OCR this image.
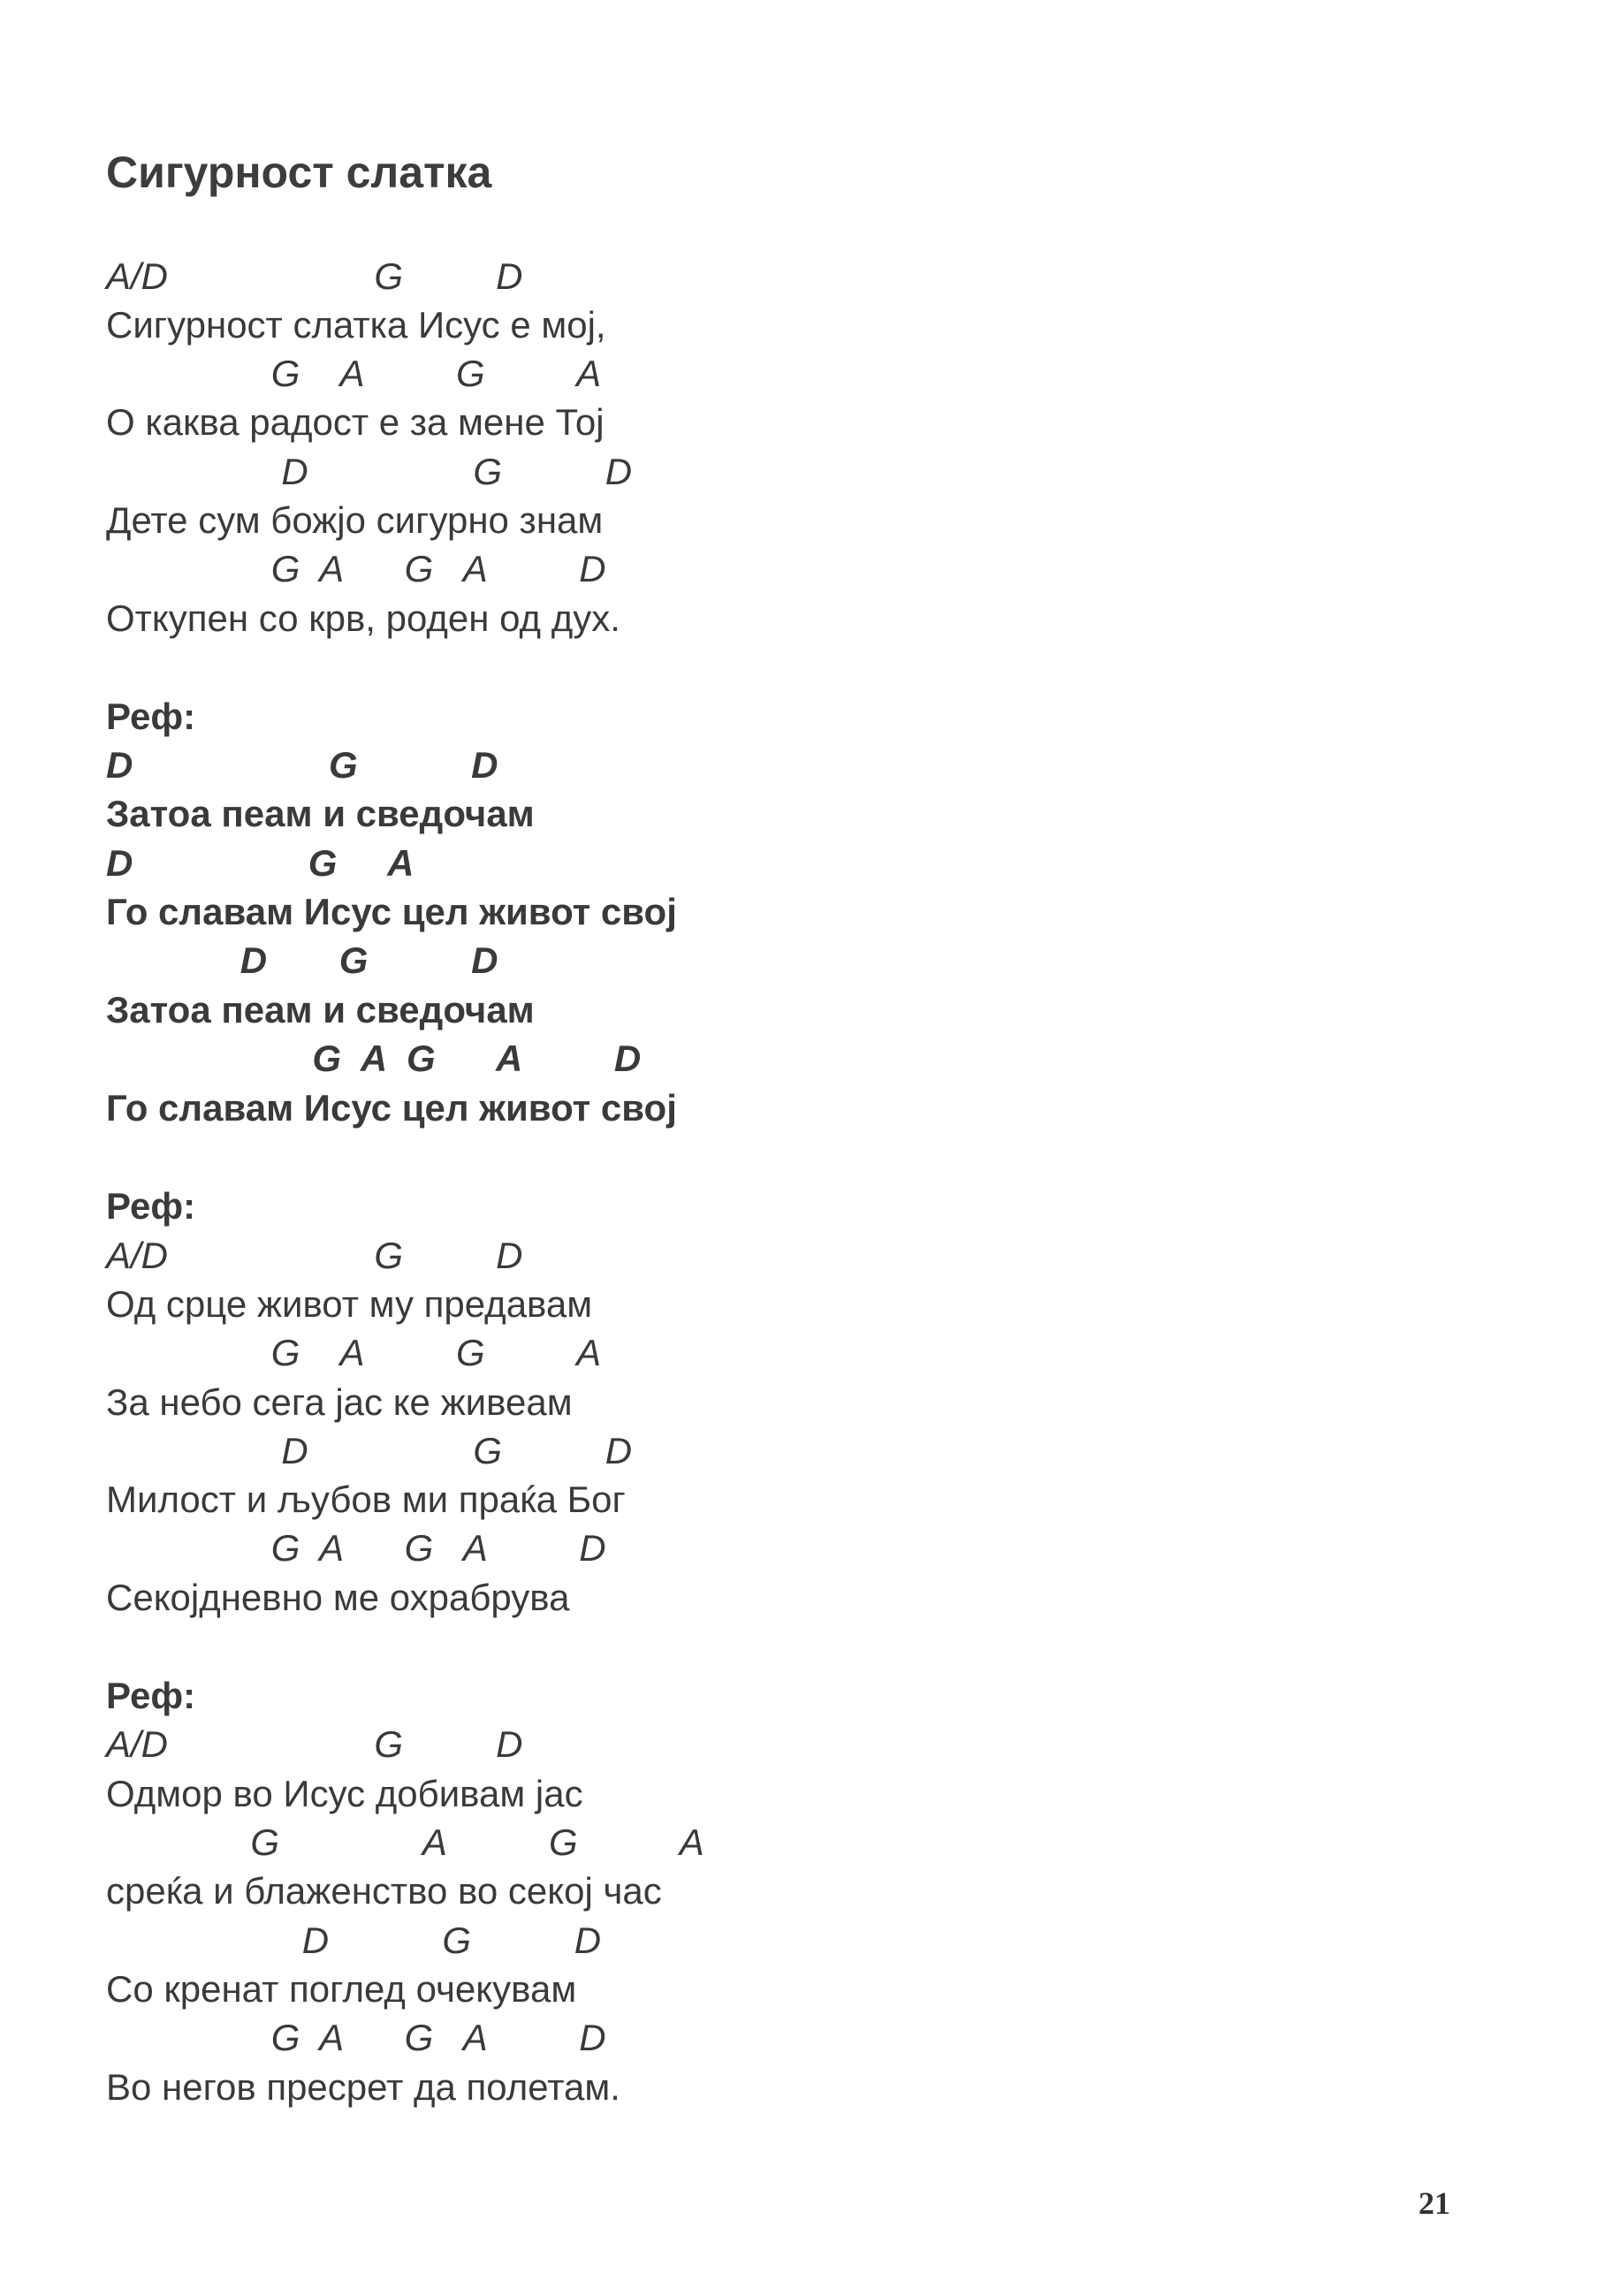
Сигурност слатка
A/D                    G         D
Сигурност слатка Исус е мој,
G    A         G         A
О каква радост е за мене Тој
D                G          D
Дете сум божјо сигурно знам
G  A      G   A         D
Откупен со крв, роден од дух.
Реф:
D                   G           D
Затоа пеам и сведочам
D                 G     A
Го славам Исус цел живот свој
D       G          D
Затоа пеам и сведочам
G  A  G      A         D
Го славам Исус цел живот свој
Реф:
A/D                    G         D
Од срце живот му предавам
G    A         G         A
За небо сега јас ке живеам
D                G          D
Милост и љубов ми праќа Бог
G  A      G   A         D
Секојдневно ме охрабрува
Реф:
A/D                    G         D
Одмор во Исус добивам јас
G              A          G          A
среќа и блаженство во секој час
D           G          D
Со кренат поглед очекувам
G  A      G   A         D
Во негов пресрет да полетам.
21
